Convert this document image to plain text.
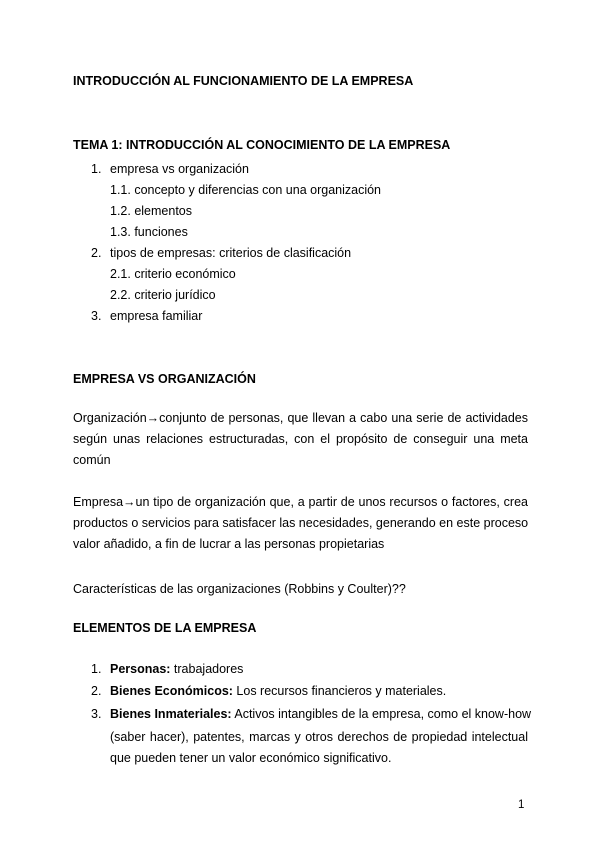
INTRODUCCIÓN AL FUNCIONAMIENTO DE LA EMPRESA
TEMA 1: INTRODUCCIÓN AL CONOCIMIENTO DE LA EMPRESA
1. empresa vs organización
1.1. concepto y diferencias con una organización
1.2. elementos
1.3. funciones
2. tipos de empresas: criterios de clasificación
2.1. criterio económico
2.2. criterio jurídico
3. empresa familiar
EMPRESA VS ORGANIZACIÓN
Organización→conjunto de personas, que llevan a cabo una serie de actividades
según unas relaciones estructuradas, con el propósito de conseguir una meta
común
Empresa→un tipo de organización que, a partir de unos recursos o factores, crea
productos o servicios para satisfacer las necesidades, generando en este proceso
valor añadido, a fin de lucrar a las personas propietarias
Características de las organizaciones (Robbins y Coulter)??
ELEMENTOS DE LA EMPRESA
1. Personas: trabajadores
2. Bienes Económicos: Los recursos financieros y materiales.
3. Bienes Inmateriales: Activos intangibles de la empresa, como el know-how
(saber hacer), patentes, marcas y otros derechos de propiedad intelectual
que pueden tener un valor económico significativo.
1
